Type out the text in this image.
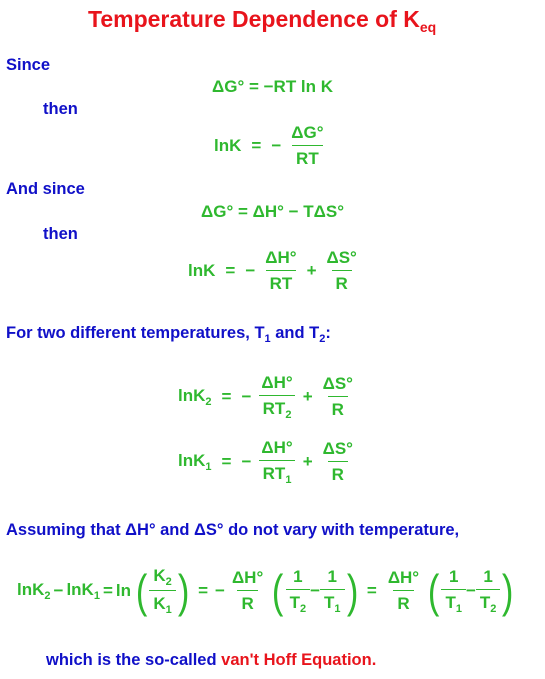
Temperature Dependence of $K_{eq}$
Since
ΔG° = −RT ln K
then
lnK = − $\frac{\Delta G^\circ}{RT}$
And since
ΔG° = ΔH° − TΔS°
then
lnK = − $\frac{\Delta H^\circ}{RT} + \frac{\Delta S^\circ}{R}$
For two different temperatures, $T_1$ and $T_2$:
lnK$_2$ = − $\frac{\Delta H^\circ}{RT_2} + \frac{\Delta S^\circ}{R}$
lnK$_1$ = − $\frac{\Delta H^\circ}{RT_1} + \frac{\Delta S^\circ}{R}$
Assuming that ΔH° and ΔS° do not vary with temperature,
lnK$_2$ − lnK$_1$ = ln ( $\frac{K_2}{K_1}$ ) = − $\frac{\Delta H^\circ}{R}$ ( $\frac{1}{T_2} - \frac{1}{T_1}$ ) = $\frac{\Delta H^\circ}{R}$ ( $\frac{1}{T_1} - \frac{1}{T_2}$ )
which is the so-called van't Hoff Equation.
